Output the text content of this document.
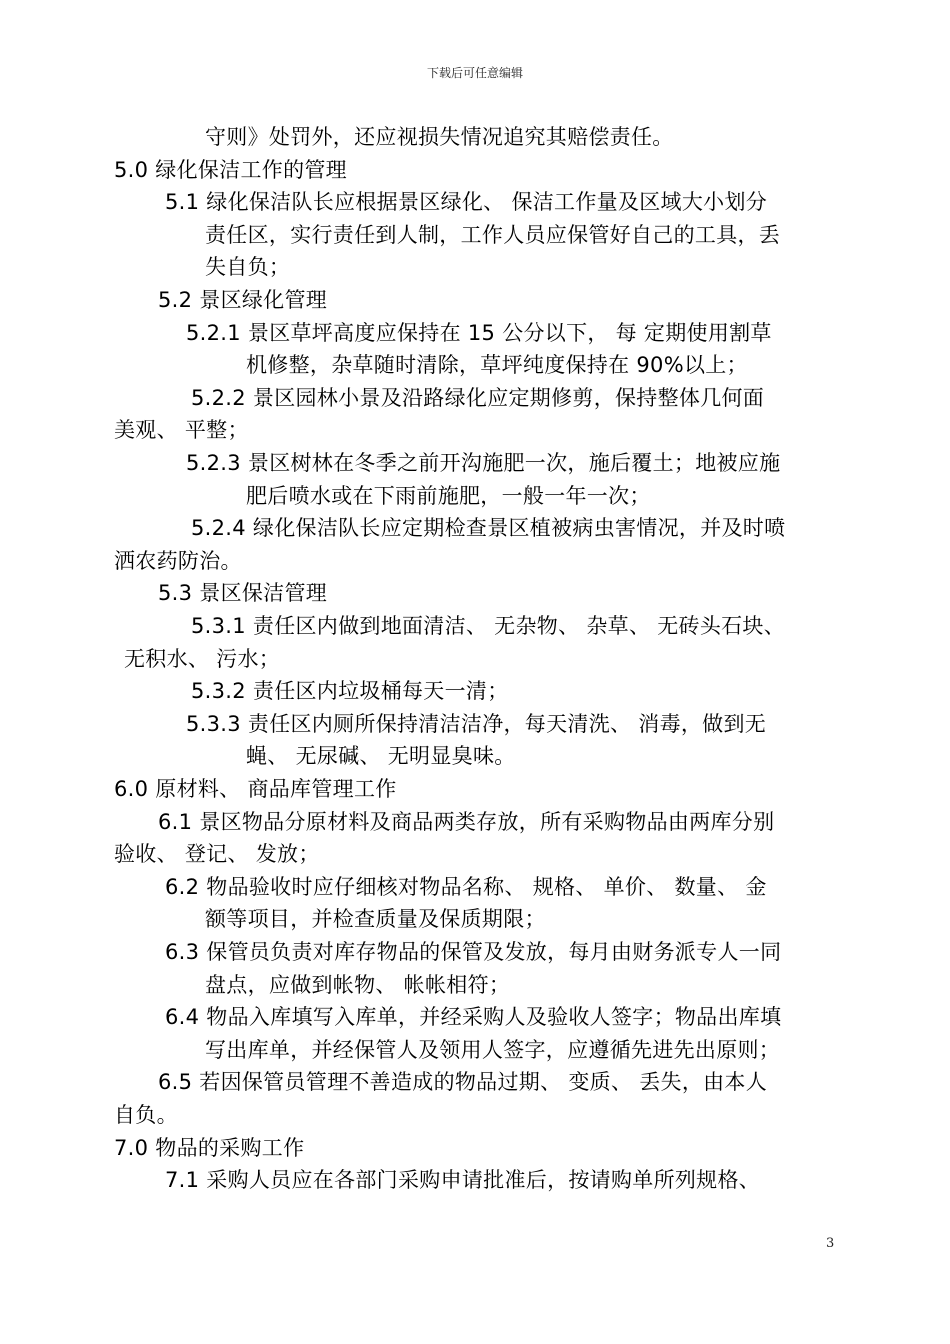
下载后可任意编辑
守则》处罚外，还应视损失情况追究其赔偿责任。
5.0 绿化保洁工作的管理
5.1 绿化保洁队长应根据景区绿化、 保洁工作量及区域大小划分
责任区，实行责任到人制，工作人员应保管好自己的工具，丢
失自负；
5.2 景区绿化管理
5.2.1 景区草坪高度应保持在 15 公分以下， 每 定期使用割草
机修整，杂草随时清除，草坪纯度保持在 90%以上；
5.2.2 景区园林小景及沿路绿化应定期修剪，保持整体几何面
美观、 平整；
5.2.3 景区树林在冬季之前开沟施肥一次，施后覆土；地被应施
肥后喷水或在下雨前施肥，一般一年一次；
5.2.4 绿化保洁队长应定期检查景区植被病虫害情况，并及时喷
洒农药防治。
5.3 景区保洁管理
5.3.1 责任区内做到地面清洁、 无杂物、 杂草、 无砖头石块、
无积水、 污水；
5.3.2 责任区内垃圾桶每天一清；
5.3.3 责任区内厕所保持清洁洁净，每天清洗、 消毒，做到无
蝇、 无尿碱、 无明显臭味。
6.0 原材料、 商品库管理工作
6.1 景区物品分原材料及商品两类存放，所有采购物品由两库分别
验收、 登记、 发放；
6.2 物品验收时应仔细核对物品名称、 规格、 单价、 数量、 金
额等项目，并检查质量及保质期限；
6.3 保管员负责对库存物品的保管及发放，每月由财务派专人一同
盘点，应做到帐物、 帐帐相符；
6.4 物品入库填写入库单，并经采购人及验收人签字；物品出库填
写出库单，并经保管人及领用人签字，应遵循先进先出原则；
6.5 若因保管员管理不善造成的物品过期、 变质、 丢失，由本人
自负。
7.0 物品的采购工作
7.1 采购人员应在各部门采购申请批准后，按请购单所列规格、
3
